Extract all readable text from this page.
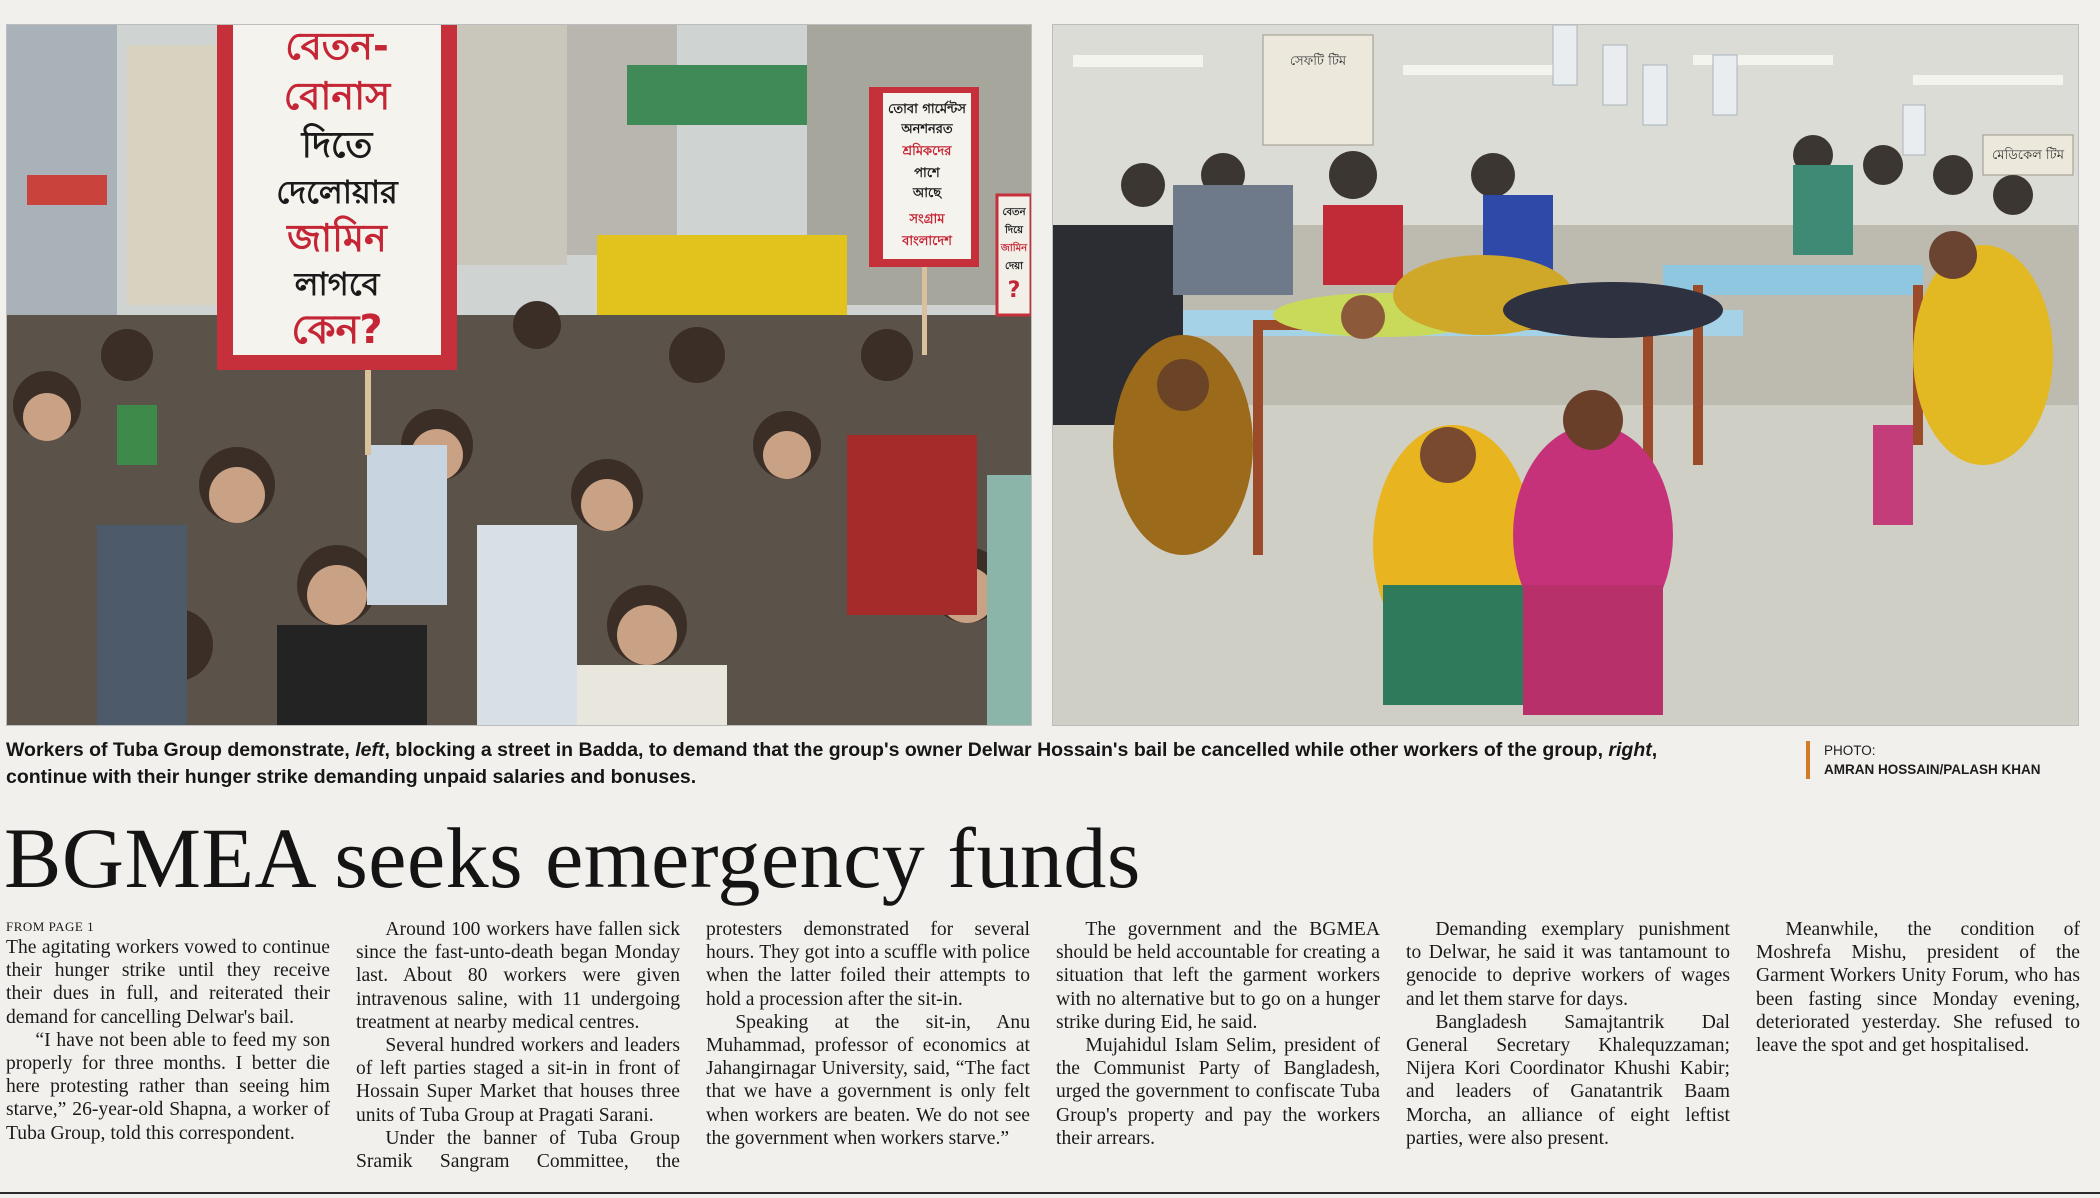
বেতন-
বোনাস
দিতে
দেলোয়ার
জামিন
লাগবে
কেন?
তোবা গার্মেন্টস
অনশনরত
শ্রমিকদের
পাশে
আছে
সংগ্রাম
বাংলাদেশ
বেতন
দিয়ে
জামিন
দেয়া
?
সেফটি টিম
মেডিকেল টিম
Workers of Tuba Group demonstrate, left, blocking a street in Badda, to demand that the group's owner Delwar Hossain's bail be cancelled while other workers of the group, right, continue with their hunger strike demanding unpaid salaries and bonuses.
PHOTO:
AMRAN HOSSAIN/PALASH KHAN
BGMEA seeks emergency funds
FROM PAGE 1

The agitating workers vowed to continue their hunger strike until they receive their dues in full, and reiterated their demand for cancelling Delwar's bail.

“I have not been able to feed my son properly for three months. I better die here protesting rather than seeing him starve,” 26-year-old Shapna, a worker of Tuba Group, told this correspondent.

Around 100 workers have fallen sick since the fast-unto-death began Monday last. About 80 workers were given intravenous saline, with 11 undergoing treatment at nearby medical centres.

Several hundred workers and leaders of left parties staged a sit-in in front of Hossain Super Market that houses three units of Tuba Group at Pragati Sarani.

Under the banner of Tuba Group Sramik Sangram Committee, the protesters demonstrated for several hours. They got into a scuffle with police when the latter foiled their attempts to hold a procession after the sit-in.

Speaking at the sit-in, Anu Muhammad, professor of economics at Jahangirnagar University, said, “The fact that we have a government is only felt when workers are beaten. We do not see the government when workers starve.”

The government and the BGMEA should be held accountable for creating a situation that left the garment workers with no alternative but to go on a hunger strike during Eid, he said.

Mujahidul Islam Selim, president of the Communist Party of Bangladesh, urged the government to confiscate Tuba Group's property and pay the workers their arrears.

Demanding exemplary punishment to Delwar, he said it was tantamount to genocide to deprive workers of wages and let them starve for days.

Bangladesh Samajtantrik Dal General Secretary Khalequzzaman; Nijera Kori Coordinator Khushi Kabir; and leaders of Ganatantrik Baam Morcha, an alliance of eight leftist parties, were also present.

Meanwhile, the condition of Moshrefa Mishu, president of the Garment Workers Unity Forum, who has been fasting since Monday evening, deteriorated yesterday. She refused to leave the spot and get hospitalised.
